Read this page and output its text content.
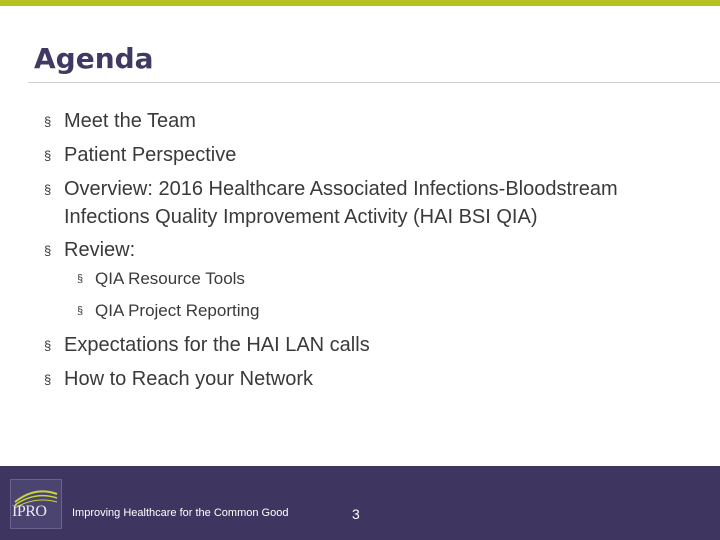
Agenda
§ Meet the Team
§ Patient Perspective
§ Overview: 2016 Healthcare Associated Infections-Bloodstream Infections Quality Improvement Activity (HAI BSI QIA)
§ Review:
§ QIA Resource Tools
§ QIA Project Reporting
§ Expectations for the HAI LAN calls
§ How to Reach your Network
IPRO Improving Healthcare for the Common Good	3
